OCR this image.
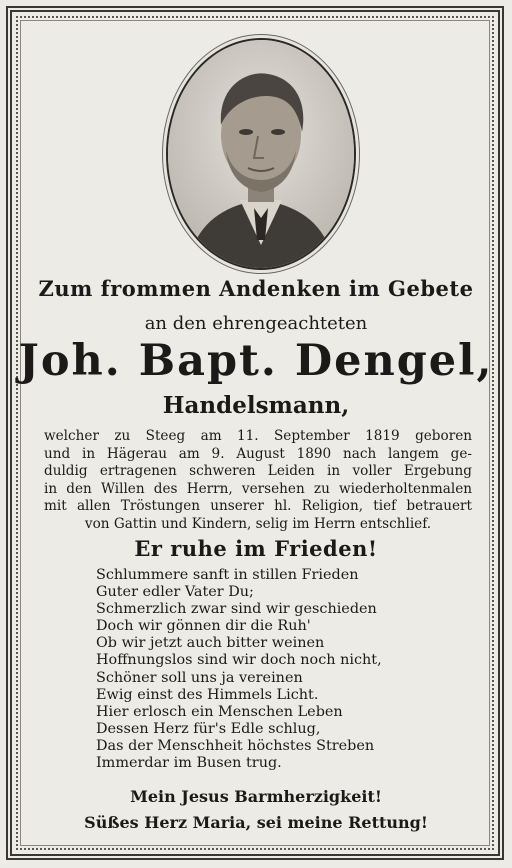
Zum frommen Andenken im Gebete
an den ehrengeachteten
Joh. Bapt. Dengel,
Handelsmann,
welcher zu Steeg am 11. September 1819 geboren
und in Hägerau am 9. August 1890 nach langem ge-
duldig ertragenen schweren Leiden in voller Ergebung
in den Willen des Herrn, versehen zu wiederholtenmalen
mit allen Tröstungen unserer hl. Religion, tief betrauert
von Gattin und Kindern, selig im Herrn entschlief.
Er ruhe im Frieden!
Schlummere sanft in stillen Frieden
Guter edler Vater Du;
Schmerzlich zwar sind wir geschieden
Doch wir gönnen dir die Ruh'
Ob wir jetzt auch bitter weinen
Hoffnungslos sind wir doch noch nicht,
Schöner soll uns ja vereinen
Ewig einst des Himmels Licht.
Hier erlosch ein Menschen Leben
Dessen Herz für's Edle schlug,
Das der Menschheit höchstes Streben
Immerdar im Busen trug.
Mein Jesus Barmherzigkeit!
Süßes Herz Maria, sei meine Rettung!
